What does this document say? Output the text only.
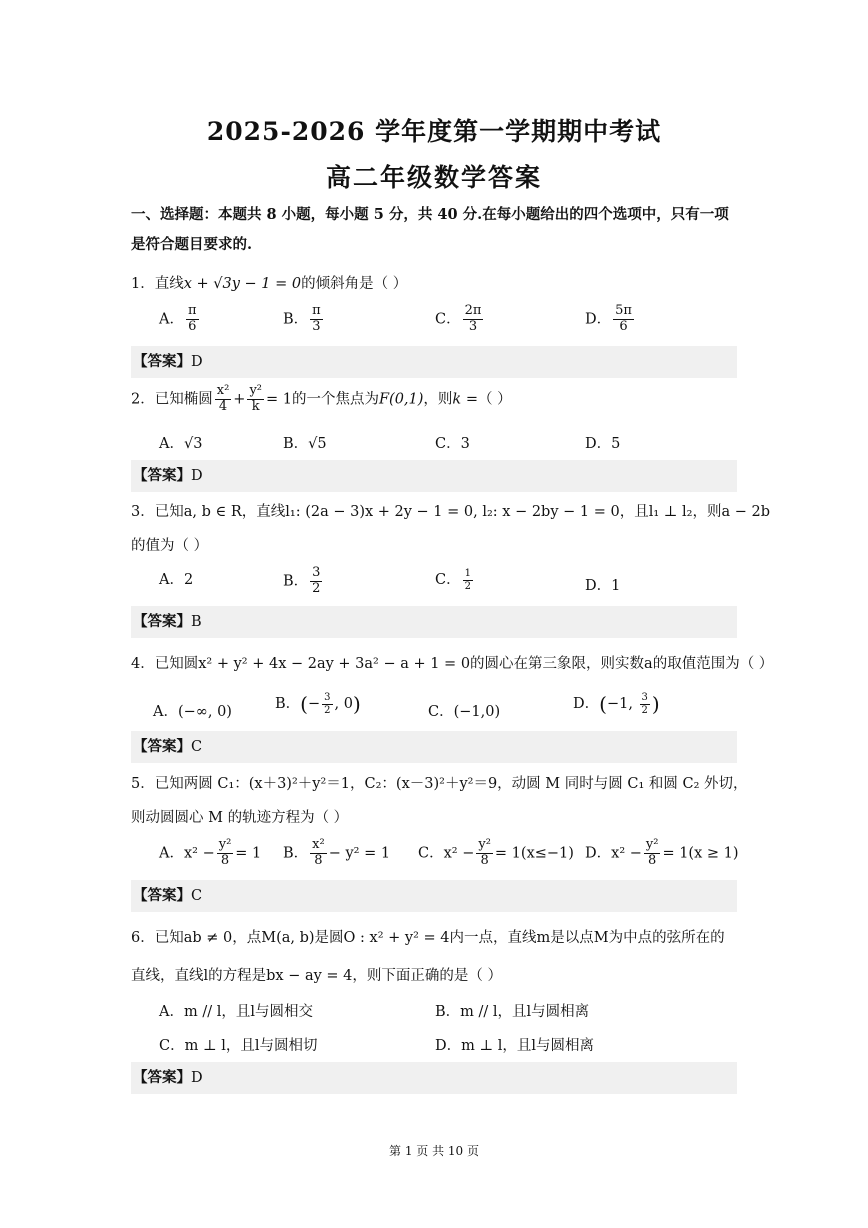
2025-2026 学年度第一学期期中考试
高二年级数学答案
一、选择题：本题共 8 小题，每小题 5 分，共 40 分.在每小题给出的四个选项中，只有一项是符合题目要求的.
1．直线x + √3y − 1 = 0的倾斜角是（ ）
A． $\frac{\pi}{6}$	B． $\frac{\pi}{3}$	C． $\frac{2\pi}{3}$	D． $\frac{5\pi}{6}$
【答案】D
2．已知椭圆 $\frac{\text{x²}}{4} + \frac{\text{y²}}{k} = 1$的一个焦点为F(0,1)，则k =（ ）
A．√3	B．√5	C．3	D．5
【答案】D
3．已知a, b ∈ R，直线l₁: (2a − 3)x + 2y − 1 = 0, l₂: x − 2by − 1 = 0，且l₁ ⊥ l₂，则a − 2b
的值为（ ）
A．2	B． $\frac{3}{2}$	C． $\frac{1}{2}$	D．1
【答案】B
4．已知圆x² + y² + 4x − 2ay + 3a² − a + 1 = 0的圆心在第三象限，则实数a的取值范围为（ ）
A．(−∞, 0)	B．(− $\frac{3}{2}$ , 0)	C．(−1,0)	D．(−1, $\frac{3}{2}$ )
【答案】C
5．已知两圆 C₁：(x＋3)²＋y²＝1，C₂：(x－3)²＋y²＝9，动圆 M 同时与圆 C₁ 和圆 C₂ 外切，
则动圆圆心 M 的轨迹方程为（ ）
A．$x^2 - \frac{\text{y²}}{8} = 1$ B． $\frac{\text{x²}}{8} - y^2 = 1$ C．$x^2 - \frac{\text{y²}}{8} = 1(x\le-1)$ D．$x^2 - \frac{\text{y²}}{8} = 1(x \ge 1)$
【答案】C
6．已知ab ≠ 0，点M(a, b)是圆O : x² + y² = 4内一点，直线m是以点M为中点的弦所在的
直线，直线l的方程是bx − ay = 4，则下面正确的是（ ）
A．m // l，且l与圆相交	B．m // l，且l与圆相离
C．m ⊥ l，且l与圆相切	D．m ⊥ l，且l与圆相离
【答案】D
第 1 页 共 10 页
